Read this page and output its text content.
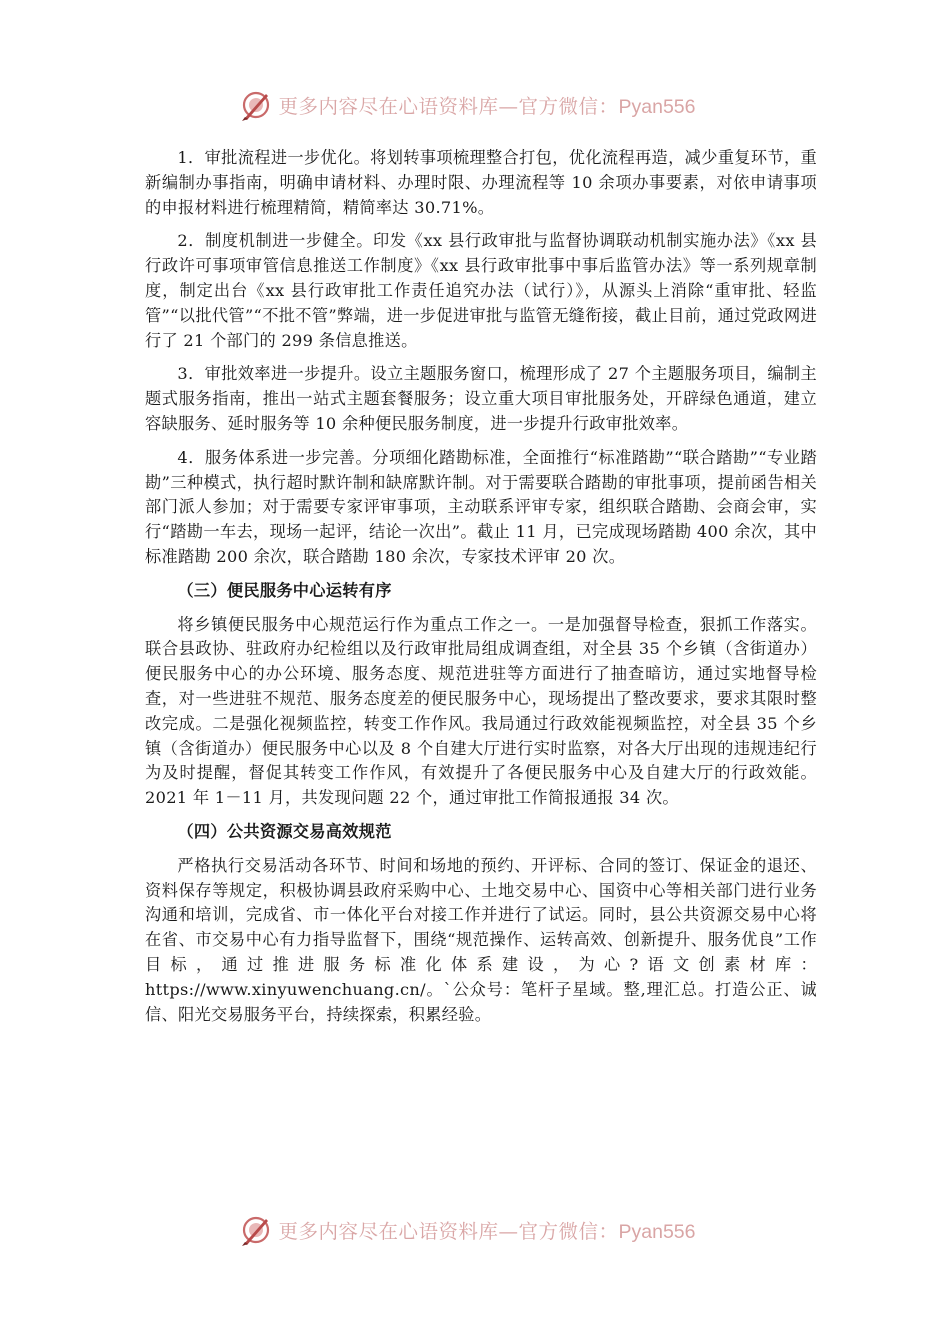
更多内容尽在心语资料库—官方微信：Pyan556

1．审批流程进一步优化。将划转事项梳理整合打包，优化流程再造，减少重复环节，重新编制办事指南，明确申请材料、办理时限、办理流程等 10 余项办事要素，对依申请事项的申报材料进行梳理精简，精简率达 30.71%。

2．制度机制进一步健全。印发《xx 县行政审批与监督协调联动机制实施办法》《xx 县行政许可事项审管信息推送工作制度》《xx 县行政审批事中事后监管办法》等一系列规章制度，制定出台《xx 县行政审批工作责任追究办法（试行）》，从源头上消除“重审批、轻监管”“以批代管”“不批不管”弊端，进一步促进审批与监管无缝衔接，截止目前，通过党政网进行了 21 个部门的 299 条信息推送。

3．审批效率进一步提升。设立主题服务窗口，梳理形成了 27 个主题服务项目，编制主题式服务指南，推出一站式主题套餐服务；设立重大项目审批服务处，开辟绿色通道，建立容缺服务、延时服务等 10 余种便民服务制度，进一步提升行政审批效率。

4．服务体系进一步完善。分项细化踏勘标准，全面推行“标准踏勘”“联合踏勘”“专业踏勘”三种模式，执行超时默许制和缺席默许制。对于需要联合踏勘的审批事项，提前函告相关部门派人参加；对于需要专家评审事项，主动联系评审专家，组织联合踏勘、会商会审，实行“踏勘一车去，现场一起评，结论一次出”。截止 11 月，已完成现场踏勘 400 余次，其中标准踏勘 200 余次，联合踏勘 180 余次，专家技术评审 20 次。

（三）便民服务中心运转有序

将乡镇便民服务中心规范运行作为重点工作之一。一是加强督导检查，狠抓工作落实。联合县政协、驻政府办纪检组以及行政审批局组成调查组，对全县 35 个乡镇（含街道办）便民服务中心的办公环境、服务态度、规范进驻等方面进行了抽查暗访，通过实地督导检查，对一些进驻不规范、服务态度差的便民服务中心，现场提出了整改要求，要求其限时整改完成。二是强化视频监控，转变工作作风。我局通过行政效能视频监控，对全县 35 个乡镇（含街道办）便民服务中心以及 8 个自建大厅进行实时监察，对各大厅出现的违规违纪行为及时提醒，督促其转变工作作风，有效提升了各便民服务中心及自建大厅的行政效能。2021 年 1－11 月，共发现问题 22 个，通过审批工作简报通报 34 次。

（四）公共资源交易高效规范

严格执行交易活动各环节、时间和场地的预约、开评标、合同的签订、保证金的退还、资料保存等规定，积极协调县政府采购中心、土地交易中心、国资中心等相关部门进行业务沟通和培训，完成省、市一体化平台对接工作并进行了试运。同时，县公共资源交易中心将在省、市交易中心有力指导监督下，围绕“规范操作、运转高效、创新提升、服务优良”工作目标，通过推进服务标准化体系建设，为心?语文创素材库：https://www.xinyuwenchuang.cn/。`公众号：笔杆子星域。整,理汇总。打造公正、诚信、阳光交易服务平台，持续探索，积累经验。

更多内容尽在心语资料库—官方微信：Pyan556
